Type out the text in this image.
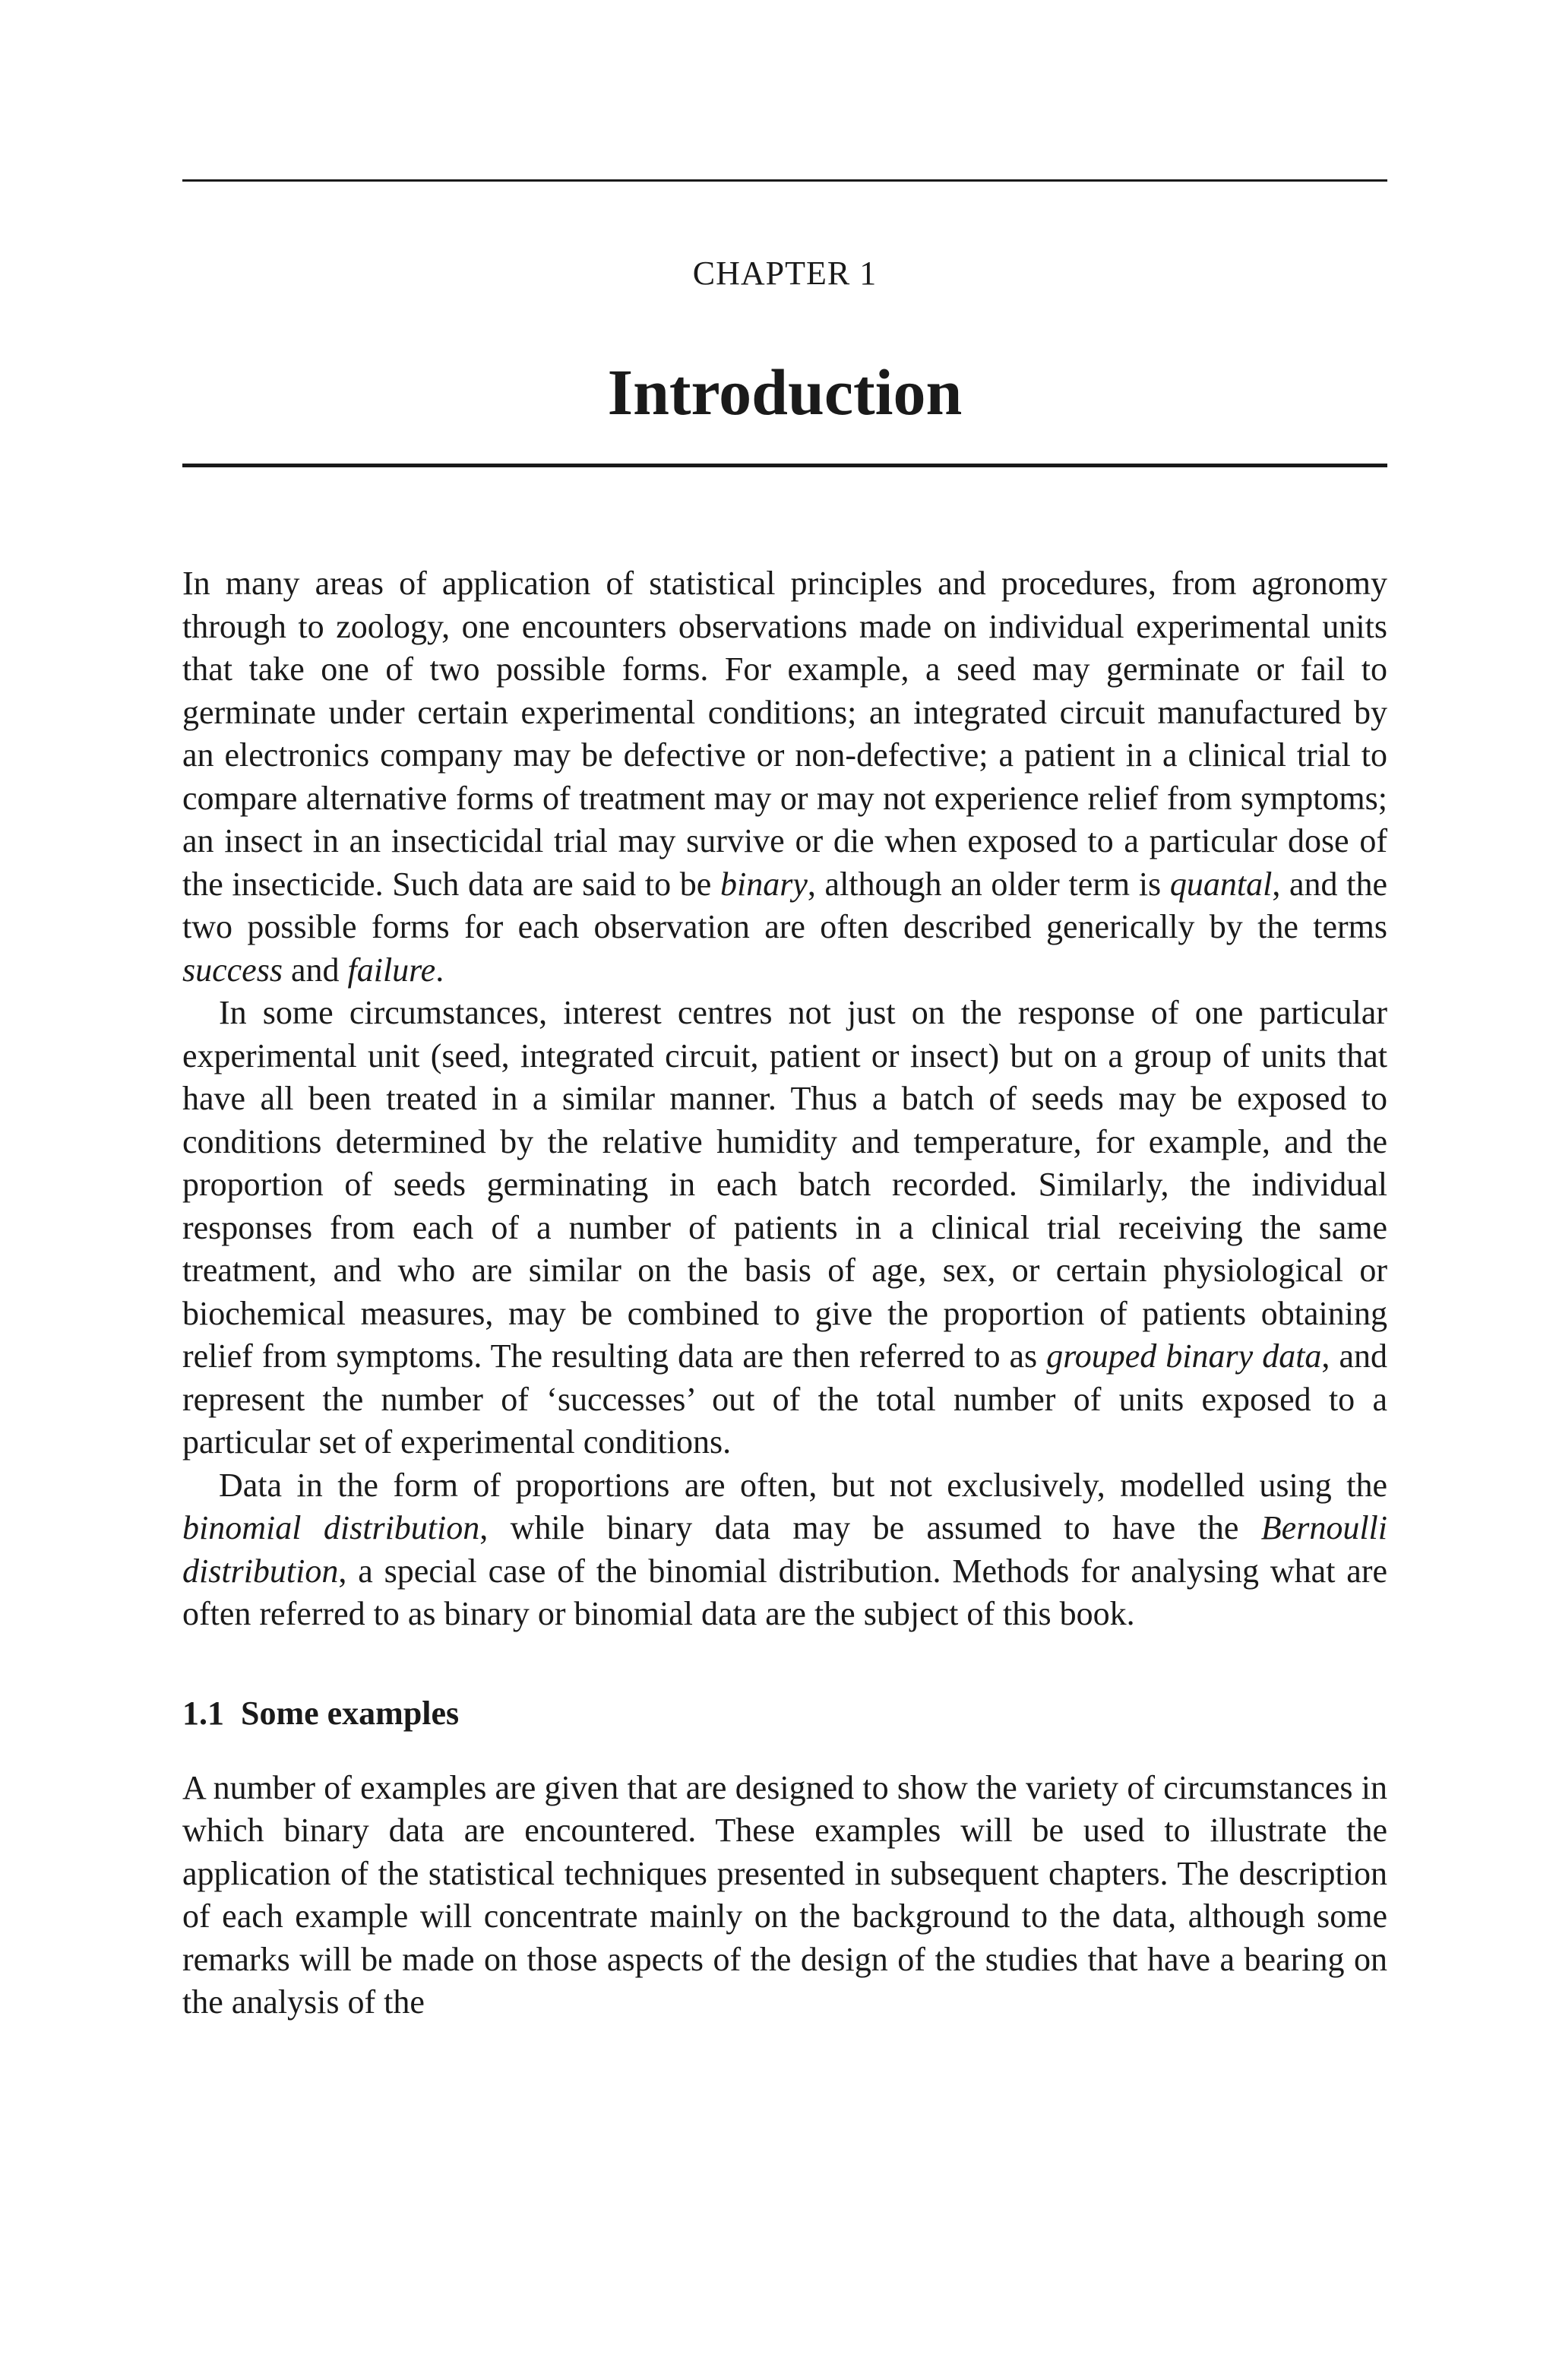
CHAPTER 1
Introduction

In many areas of application of statistical principles and procedures, from agronomy through to zoology, one encounters observations made on individual experimental units that take one of two possible forms. For example, a seed may germinate or fail to germinate under certain experimental conditions; an integrated circuit manufactured by an electronics company may be defective or non-defective; a patient in a clinical trial to compare alternative forms of treatment may or may not experience relief from symptoms; an insect in an insecticidal trial may survive or die when exposed to a particular dose of the insecticide. Such data are said to be binary, although an older term is quantal, and the two possible forms for each observation are often described generically by the terms success and failure.

In some circumstances, interest centres not just on the response of one particular experimental unit (seed, integrated circuit, patient or insect) but on a group of units that have all been treated in a similar manner. Thus a batch of seeds may be exposed to conditions determined by the relative humidity and temperature, for example, and the proportion of seeds germinating in each batch recorded. Similarly, the individual responses from each of a number of patients in a clinical trial receiving the same treatment, and who are similar on the basis of age, sex, or certain physiological or biochemical measures, may be combined to give the proportion of patients obtaining relief from symptoms. The resulting data are then referred to as grouped binary data, and represent the number of ‘successes’ out of the total number of units exposed to a particular set of experimental conditions.

Data in the form of proportions are often, but not exclusively, modelled using the binomial distribution, while binary data may be assumed to have the Bernoulli distribution, a special case of the binomial distribution. Methods for analysing what are often referred to as binary or binomial data are the subject of this book.

1.1 Some examples

A number of examples are given that are designed to show the variety of circumstances in which binary data are encountered. These examples will be used to illustrate the application of the statistical techniques presented in subsequent chapters. The description of each example will concentrate mainly on the background to the data, although some remarks will be made on those aspects of the design of the studies that have a bearing on the analysis of the
